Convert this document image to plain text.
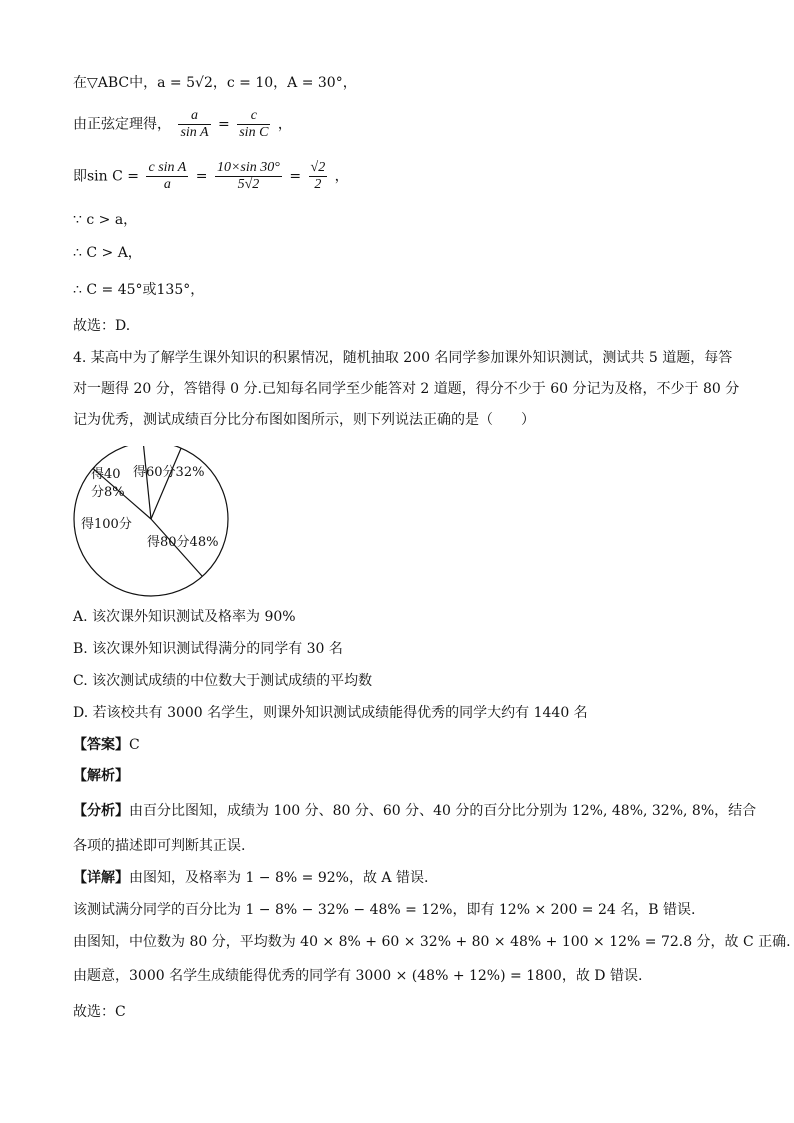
在▽ABC中，a = 5√2，c = 10，A = 30°，
由正弦定理得， $\frac{a}{\text{sin A}} = \frac{c}{\text{sin C}}$ ，
即$\sin C = \frac{\text{c sin A}}{a} = \frac{10\times\sin 30^\circ}{5√2} = \frac{√2}{2}$ ，
∵ c > a，
∴ C > A，
∴ C = 45°或135°，
故选：D.
4. 某高中为了解学生课外知识的积累情况，随机抽取 200 名同学参加课外知识测试，测试共 5 道题，每答
对一题得 20 分，答错得 0 分.已知每名同学至少能答对 2 道题，得分不少于 60 分记为及格，不少于 80 分
记为优秀，测试成绩百分比分布图如图所示，则下列说法正确的是（　　）
得40
分8%
得60分32%
得80分48%
得100分
A. 该次课外知识测试及格率为 90%
B. 该次课外知识测试得满分的同学有 30 名
C. 该次测试成绩的中位数大于测试成绩的平均数
D. 若该校共有 3000 名学生，则课外知识测试成绩能得优秀的同学大约有 1440 名
【答案】C
【解析】
【分析】由百分比图知，成绩为 100 分、80 分、60 分、40 分的百分比分别为 12%, 48%, 32%, 8%，结合
各项的描述即可判断其正误.
【详解】由图知，及格率为 1 − 8% = 92%，故 A 错误.
该测试满分同学的百分比为 1 − 8% − 32% − 48% = 12%，即有 12% × 200 = 24 名，B 错误.
由图知，中位数为 80 分，平均数为 40 × 8% + 60 × 32% + 80 × 48% + 100 × 12% = 72.8 分，故 C 正确.
由题意，3000 名学生成绩能得优秀的同学有 3000 × (48% + 12%) = 1800，故 D 错误.
故选：C
